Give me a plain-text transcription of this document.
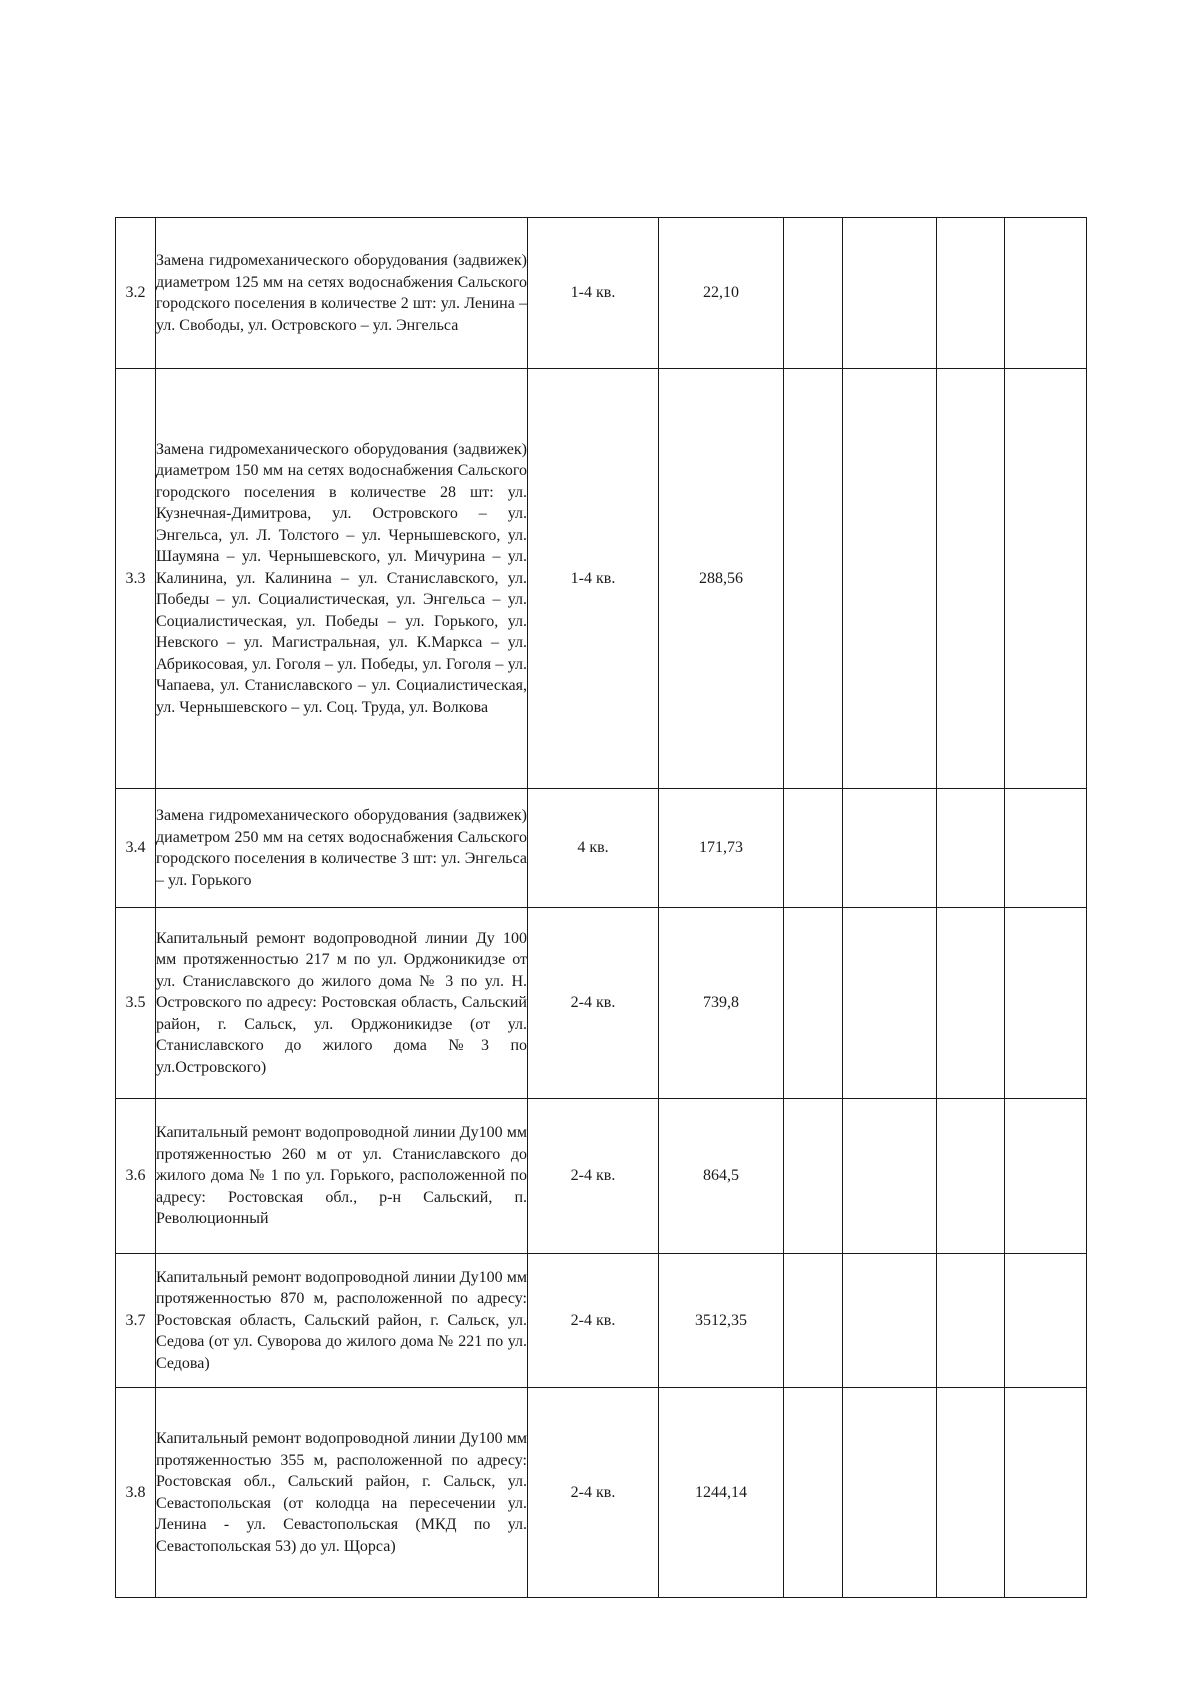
3.2	Замена гидромеханического оборудования (задвижек) диаметром 125 мм на сетях водоснабжения Сальского городского поселения в количестве 2 шт: ул. Ленина – ул. Свободы, ул. Островского – ул. Энгельса	1-4 кв.	22,10				
3.3	Замена гидромеханического оборудования (задвижек) диаметром 150 мм на сетях водоснабжения Сальского городского поселения в количестве 28 шт: ул. Кузнечная-Димитрова, ул. Островского – ул. Энгельса, ул. Л. Толстого – ул. Чернышевского, ул. Шаумяна – ул. Чернышевского, ул. Мичурина – ул. Калинина, ул. Калинина – ул. Станиславского, ул. Победы – ул. Социалистическая, ул. Энгельса – ул. Социалистическая, ул. Победы – ул. Горького, ул. Невского – ул. Магистральная, ул. К.Маркса – ул. Абрикосовая, ул. Гоголя – ул. Победы, ул. Гоголя – ул. Чапаева, ул. Станиславского – ул. Социалистическая, ул. Чернышевского – ул. Соц. Труда, ул. Волкова	1-4 кв.	288,56				
3.4	Замена гидромеханического оборудования (задвижек) диаметром 250 мм на сетях водоснабжения Сальского городского поселения в количестве 3 шт: ул. Энгельса – ул. Горького	4 кв.	171,73				
3.5	Капитальный ремонт водопроводной линии Ду 100 мм протяженностью 217 м по ул. Орджоникидзе от ул. Станиславского до жилого дома № 3 по ул. Н. Островского по адресу: Ростовская область, Сальский район, г. Сальск, ул. Орджоникидзе (от ул. Станиславского до жилого дома №3 по ул.Островского)	2-4 кв.	739,8				
3.6	Капитальный ремонт водопроводной линии Ду100 мм протяженностью 260 м от ул. Станиславского до жилого дома № 1 по ул. Горького, расположенной по адресу: Ростовская обл., р-н Сальский, п. Революционный	2-4 кв.	864,5				
3.7	Капитальный ремонт водопроводной линии Ду100 мм протяженностью 870 м, расположенной по адресу: Ростовская область, Сальский район, г. Сальск, ул. Седова (от ул. Суворова до жилого дома № 221 по ул. Седова)	2-4 кв.	3512,35				
3.8	Капитальный ремонт водопроводной линии Ду100 мм протяженностью 355 м, расположенной по адресу: Ростовская обл., Сальский район, г. Сальск, ул. Севастопольская (от колодца на пересечении ул. Ленина - ул. Севастопольская (МКД по ул. Севастопольская 53) до ул. Щорса)	2-4 кв.	1244,14				
